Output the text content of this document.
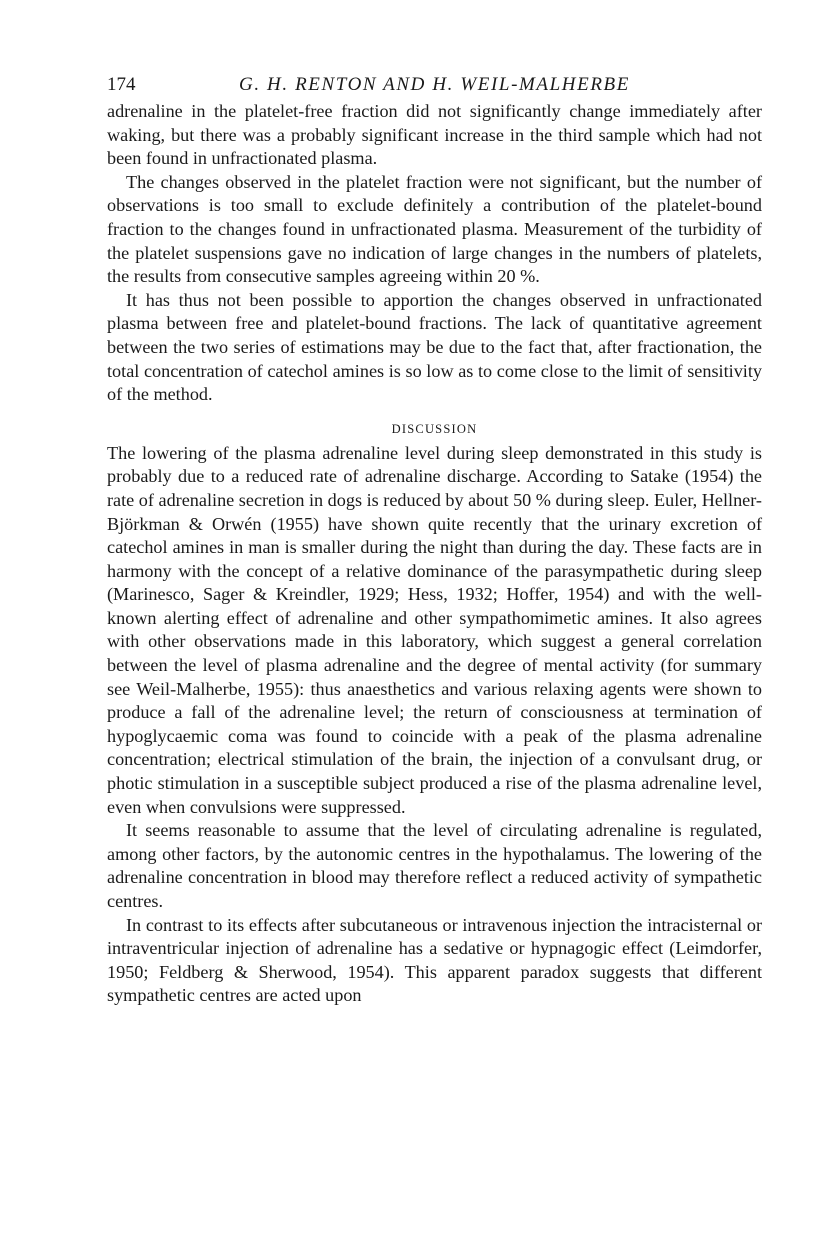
174	G. H. RENTON AND H. WEIL-MALHERBE

adrenaline in the platelet-free fraction did not significantly change immediately after waking, but there was a probably significant increase in the third sample which had not been found in unfractionated plasma.

The changes observed in the platelet fraction were not significant, but the number of observations is too small to exclude definitely a contribution of the platelet-bound fraction to the changes found in unfractionated plasma. Measurement of the turbidity of the platelet suspensions gave no indication of large changes in the numbers of platelets, the results from consecutive samples agreeing within 20 %.

It has thus not been possible to apportion the changes observed in unfractionated plasma between free and platelet-bound fractions. The lack of quantitative agreement between the two series of estimations may be due to the fact that, after fractionation, the total concentration of catechol amines is so low as to come close to the limit of sensitivity of the method.

DISCUSSION

The lowering of the plasma adrenaline level during sleep demonstrated in this study is probably due to a reduced rate of adrenaline discharge. According to Satake (1954) the rate of adrenaline secretion in dogs is reduced by about 50 % during sleep. Euler, Hellner-Björkman & Orwén (1955) have shown quite recently that the urinary excretion of catechol amines in man is smaller during the night than during the day. These facts are in harmony with the concept of a relative dominance of the parasympathetic during sleep (Marinesco, Sager & Kreindler, 1929; Hess, 1932; Hoffer, 1954) and with the well-known alerting effect of adrenaline and other sympathomimetic amines. It also agrees with other observations made in this laboratory, which suggest a general correlation between the level of plasma adrenaline and the degree of mental activity (for summary see Weil-Malherbe, 1955): thus anaesthetics and various relaxing agents were shown to produce a fall of the adrenaline level; the return of consciousness at termination of hypoglycaemic coma was found to coincide with a peak of the plasma adrenaline concentration; electrical stimulation of the brain, the injection of a convulsant drug, or photic stimulation in a susceptible subject produced a rise of the plasma adrenaline level, even when convulsions were suppressed.

It seems reasonable to assume that the level of circulating adrenaline is regulated, among other factors, by the autonomic centres in the hypothalamus. The lowering of the adrenaline concentration in blood may therefore reflect a reduced activity of sympathetic centres.

In contrast to its effects after subcutaneous or intravenous injection the intracisternal or intraventricular injection of adrenaline has a sedative or hypnagogic effect (Leimdorfer, 1950; Feldberg & Sherwood, 1954). This apparent paradox suggests that different sympathetic centres are acted upon
